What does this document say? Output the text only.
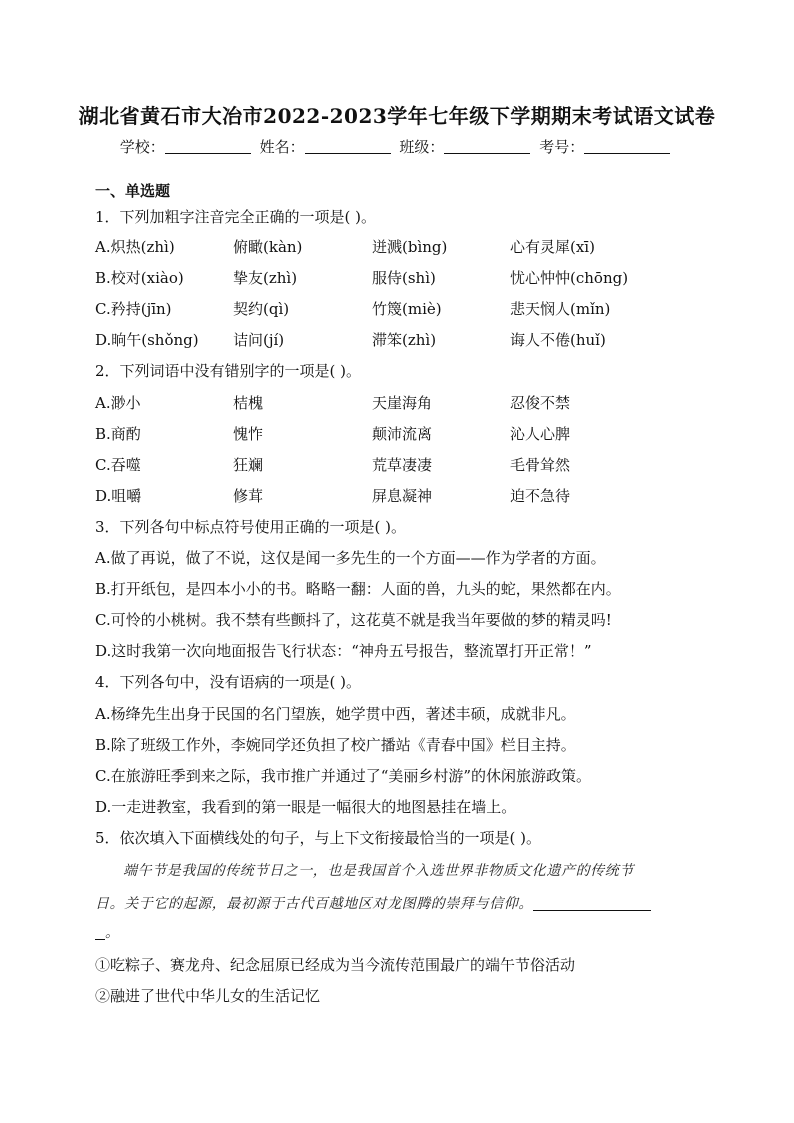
湖北省黄石市大冶市2022-2023学年七年级下学期期末考试语文试卷
学校：	姓名：	班级：	考号：
一、单选题
1．下列加粗字注音完全正确的一项是( )。
A.炽热(zhì)	俯瞰(kàn)	迸溅(bìng)	心有灵犀(xī)
B.校对(xiào)	挚友(zhì)	服侍(shì)	忧心忡忡(chōng)
C.矜持(jīn)	契约(qì)	竹篾(miè)	悲天悯人(mǐn)
D.晌午(shǒng) 诘问(jí)	滞笨(zhì)	诲人不倦(huǐ)
2．下列词语中没有错别字的一项是( )。
A.渺小	桔槐	天崖海角	忍俊不禁
B.商酌	愧怍	颠沛流离	沁人心脾
C.吞噬	狂斓	荒草凄凄	毛骨耸然
D.咀嚼	修茸	屏息凝神	迫不急待
3．下列各句中标点符号使用正确的一项是( )。
A.做了再说，做了不说，这仅是闻一多先生的一个方面——作为学者的方面。
B.打开纸包，是四本小小的书。略略一翻：人面的兽，九头的蛇，果然都在内。
C.可怜的小桃树。我不禁有些颤抖了，这花莫不就是我当年要做的梦的精灵吗!
D.这时我第一次向地面报告飞行状态：“神舟五号报告，整流罩打开正常！”
4．下列各句中，没有语病的一项是( )。
A.杨绛先生出身于民国的名门望族，她学贯中西，著述丰硕，成就非凡。
B.除了班级工作外，李婉同学还负担了校广播站《青春中国》栏目主持。
C.在旅游旺季到来之际，我市推广并通过了“美丽乡村游”的休闲旅游政策。
D.一走进教室，我看到的第一眼是一幅很大的地图悬挂在墙上。
5．依次填入下面横线处的句子，与上下文衔接最恰当的一项是( )。
端午节是我国的传统节日之一，也是我国首个入选世界非物质文化遗产的传统节
日。关于它的起源，最初源于古代百越地区对龙图腾的崇拜与信仰。
。
①吃粽子、赛龙舟、纪念屈原已经成为当今流传范围最广的端午节俗活动
②融进了世代中华儿女的生活记忆
